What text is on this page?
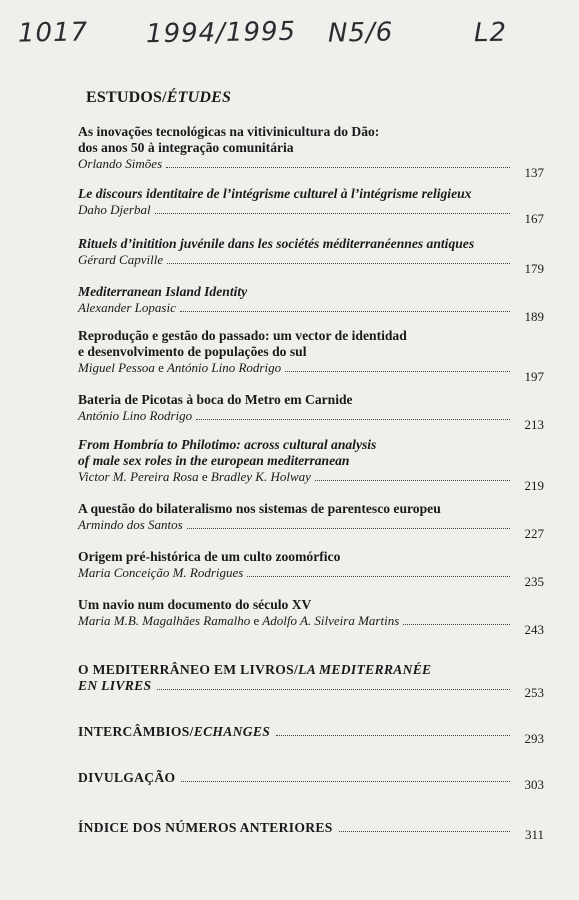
1017 1994/1995 N5/6	L2
ESTUDOS/ÉTUDES
As inovações tecnológicas na vitivinicultura do Dão:
dos anos 50 à integração comunitária
Orlando Simões
137
Le discours identitaire de l’intégrisme culturel à l’intégrisme religieux
Daho Djerbal
167
Rituels d’initition juvénile dans les sociétés méditerranéennes antiques
Gérard Capville
179
Mediterranean Island Identity
Alexander Lopasic
189
Reprodução e gestão do passado: um vector de identidad
e desenvolvimento de populações do sul
Miguel Pessoa e António Lino Rodrigo
197
Bateria de Picotas à boca do Metro em Carnide
António Lino Rodrigo
213
From Hombría to Philotimo: across cultural analysis
of male sex roles in the european mediterranean
Victor M. Pereira Rosa e Bradley K. Holway
219
A questão do bilateralismo nos sistemas de parentesco europeu
Armindo dos Santos
227
Origem pré-histórica de um culto zoomórfico
Maria Conceição M. Rodrigues
235
Um navio num documento do século XV
Maria M.B. Magalhães Ramalho e Adolfo A. Silveira Martins
243
O MEDITERRÂNEO EM LIVROS/LA MEDITERRANÉE
EN LIVRES	253
INTERCÂMBIOS/ECHANGES	293
DIVULGAÇÃO	303
ÍNDICE DOS NÚMEROS ANTERIORES	311
